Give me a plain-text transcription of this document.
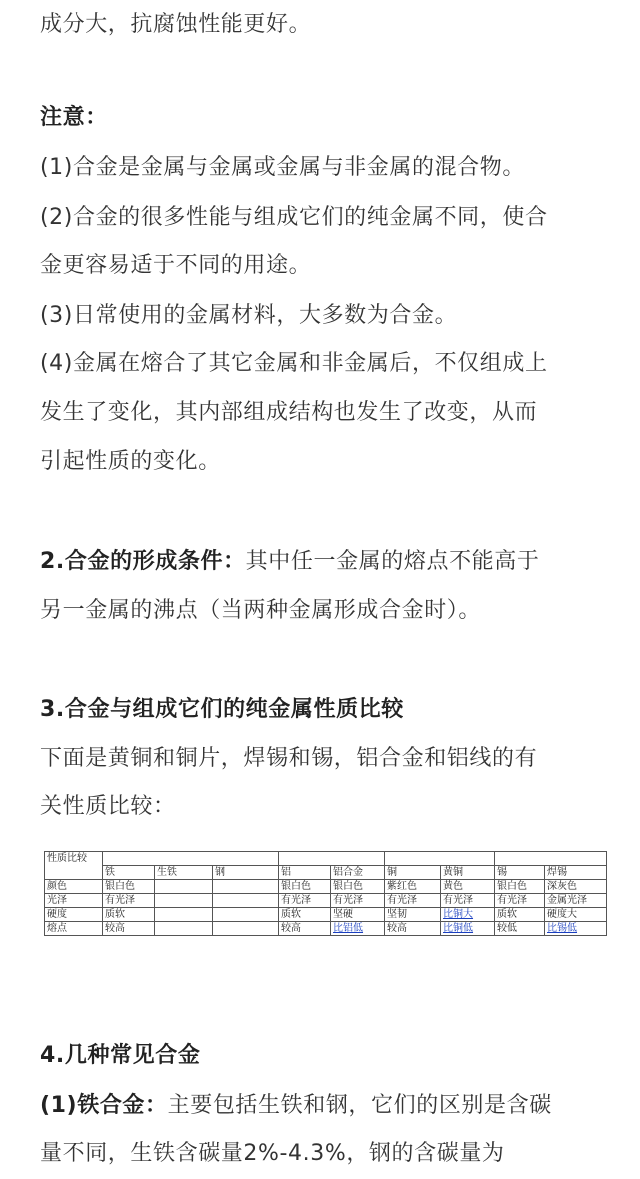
成分大，抗腐蚀性能更好。
注意：
(1)合金是金属与金属或金属与非金属的混合物。
(2)合金的很多性能与组成它们的纯金属不同，使合
金更容易适于不同的用途。
(3)日常使用的金属材料，大多数为合金。
(4)金属在熔合了其它金属和非金属后，不仅组成上
发生了变化，其内部组成结构也发生了改变，从而
引起性质的变化。
2.合金的形成条件：其中任一金属的熔点不能高于
另一金属的沸点（当两种金属形成合金时）。
3.合金与组成它们的纯金属性质比较
下面是黄铜和铜片，焊锡和锡，铝合金和铝线的有
关性质比较：
性质比较									
	铁	生铁	钢	铝	铝合金	铜	黄铜	锡	焊锡
颜色	银白色			银白色	银白色	紫红色	黄色	银白色	深灰色
光泽	有光泽			有光泽	有光泽	有光泽	有光泽	有光泽	金属光泽
硬度	质软			质软	坚硬	坚韧	比铜大	质软	硬度大
熔点	较高			较高	比铝低	较高	比铜低	较低	比锡低
4.几种常见合金
(1)铁合金：主要包括生铁和钢，它们的区别是含碳
量不同，生铁含碳量2%-4.3%，钢的含碳量为
